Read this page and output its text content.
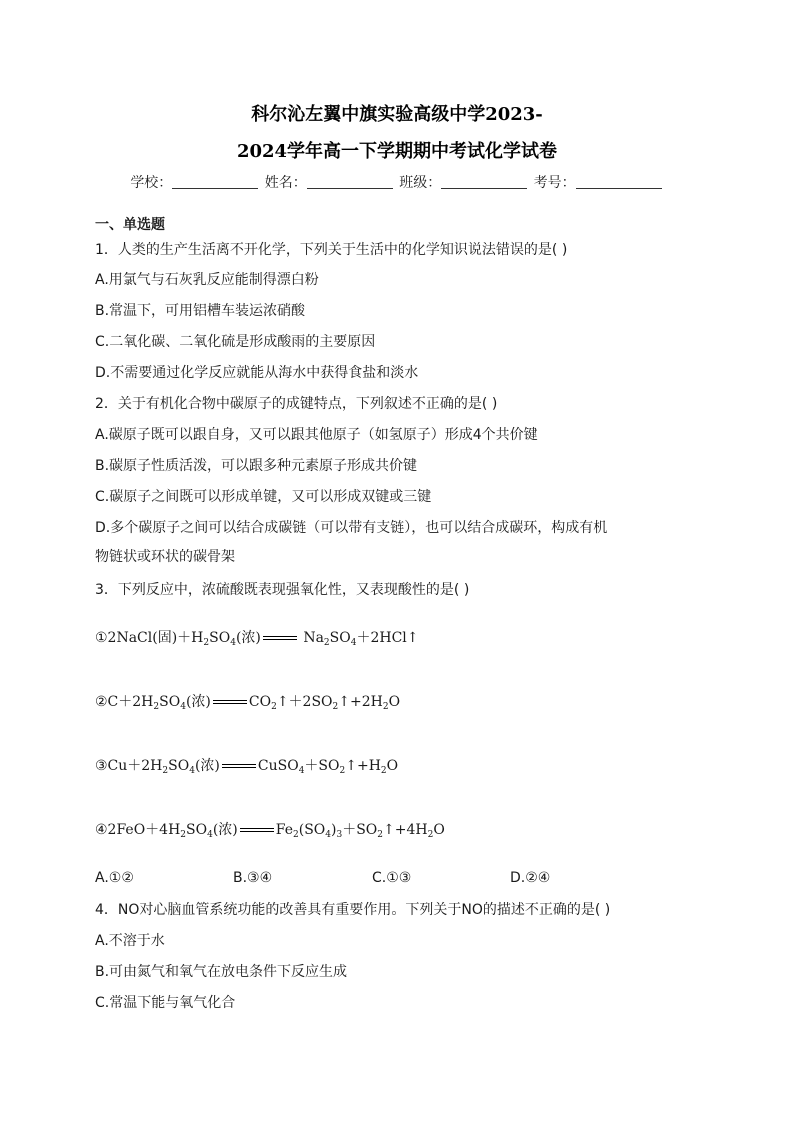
科尔沁左翼中旗实验高级中学2023-
2024学年高一下学期期中考试化学试卷
学校：	姓名：	班级：	考号：
一、单选题
1．人类的生产生活离不开化学，下列关于生活中的化学知识说法错误的是( )
A.用氯气与石灰乳反应能制得漂白粉
B.常温下，可用铝槽车装运浓硝酸
C.二氧化碳、二氧化硫是形成酸雨的主要原因
D.不需要通过化学反应就能从海水中获得食盐和淡水
2．关于有机化合物中碳原子的成键特点，下列叙述不正确的是( )
A.碳原子既可以跟自身，又可以跟其他原子（如氢原子）形成4个共价键
B.碳原子性质活泼，可以跟多种元素原子形成共价键
C.碳原子之间既可以形成单键，又可以形成双键或三键
D.多个碳原子之间可以结合成碳链（可以带有支链），也可以结合成碳环，构成有机
物链状或环状的碳骨架
3．下列反应中，浓硫酸既表现强氧化性，又表现酸性的是( )
①2NaCl(固)$+H_2SO_4$(浓)	$Na_2SO_4+2HCl↑$
$②C+2H_2SO_4$(浓)	$CO_2↑+2SO_2↑+2H_2O$
$③Cu+2H_2SO_4$(浓)	$CuSO_4+SO_2↑+H_2O$
$④2FeO+4H_2SO_4$(浓)	$Fe_2(SO_4)_3+SO_2↑+4H_2O$
A.①②	B.③④	C.①③	D.②④
4．NO对心脑血管系统功能的改善具有重要作用。下列关于NO的描述不正确的是( )
A.不溶于水
B.可由氮气和氧气在放电条件下反应生成
C.常温下能与氧气化合
